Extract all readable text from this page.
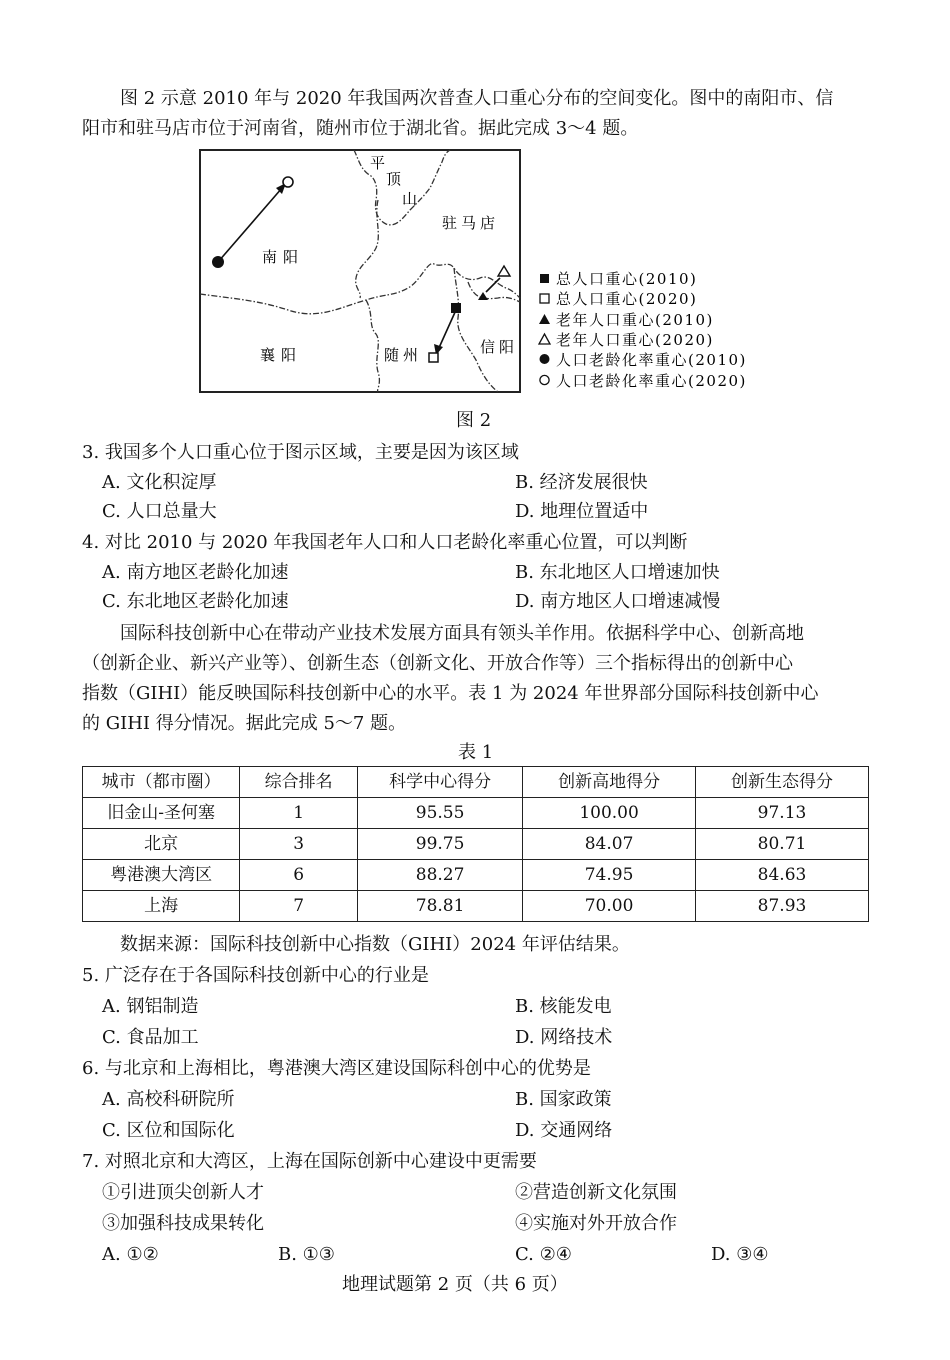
图 2 示意 2010 年与 2020 年我国两次普查人口重心分布的空间变化。图中的南阳市、信
阳市和驻马店市位于河南省，随州市位于湖北省。据此完成 3～4 题。
平
顶
山
驻马店
南阳
襄阳	随州	信阳
总人口重心(2010)
总人口重心(2020)
老年人口重心(2010)
老年人口重心(2020)
人口老龄化率重心(2010)
人口老龄化率重心(2020)
图 2
3. 我国多个人口重心位于图示区域，主要是因为该区域
A. 文化积淀厚	B. 经济发展很快
C. 人口总量大	D. 地理位置适中
4. 对比 2010 与 2020 年我国老年人口和人口老龄化率重心位置，可以判断
A. 南方地区老龄化加速	B. 东北地区人口增速加快
C. 东北地区老龄化加速	D. 南方地区人口增速减慢
国际科技创新中心在带动产业技术发展方面具有领头羊作用。依据科学中心、创新高地
（创新企业、新兴产业等）、创新生态（创新文化、开放合作等）三个指标得出的创新中心
指数（GIHI）能反映国际科技创新中心的水平。表 1 为 2024 年世界部分国际科技创新中心
的 GIHI 得分情况。据此完成 5～7 题。
表 1
城市（都市圈）	综合排名	科学中心得分	创新高地得分	创新生态得分
旧金山-圣何塞	1	95.55	100.00	97.13
北京	3	99.75	84.07	80.71
粤港澳大湾区	6	88.27	74.95	84.63
上海	7	78.81	70.00	87.93
数据来源：国际科技创新中心指数（GIHI）2024 年评估结果。
5. 广泛存在于各国际科技创新中心的行业是
A. 钢铝制造	B. 核能发电
C. 食品加工	D. 网络技术
6. 与北京和上海相比，粤港澳大湾区建设国际科创中心的优势是
A. 高校科研院所	B. 国家政策
C. 区位和国际化	D. 交通网络
7. 对照北京和大湾区，上海在国际创新中心建设中更需要
①引进顶尖创新人才	②营造创新文化氛围
③加强科技成果转化	④实施对外开放合作
A. ①②	B. ①③	C. ②④	D. ③④
地理试题第 2 页（共 6 页）
